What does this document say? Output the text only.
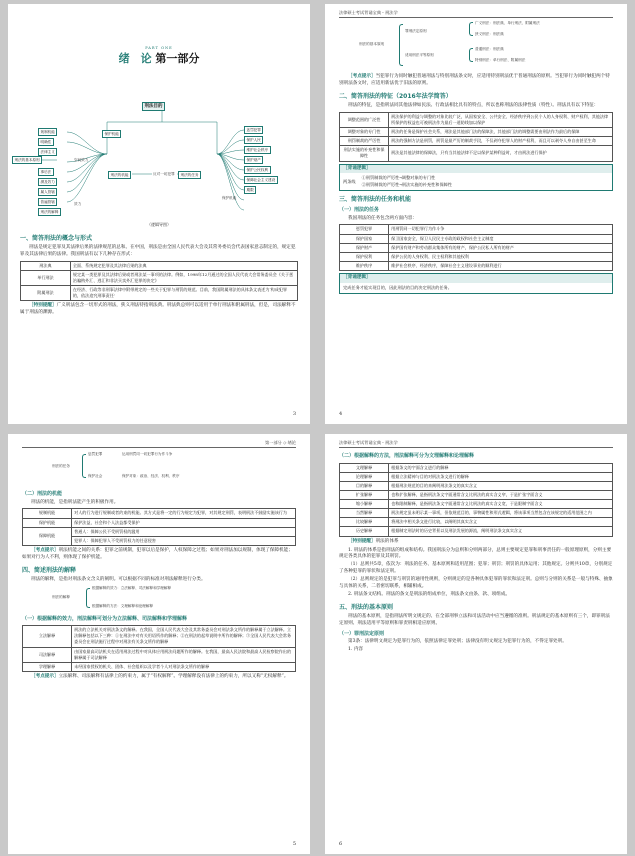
PART ONE
绪　论 第一部分
刑法目的
规制机能
明确性
刑法的基本原则
法律主义
事后法
溯及效力
属人管辖
普遍管辖
保护机能
刑法的机能	反对一切犯罪	刑法的任务
惩罚犯罪
保护人民
维护社会秩序
保护财产
保护公民权利
保障社会主义建设
期限
刑法的解释
空间效力
效力
保护机能
（逻辑导图）
一、简答刑法的概念与形式

刑法是规定犯罪及其法律后果的法律规范的总和。在中国，刑法是由全国人民代表大会及其常务委员会代表国家意志制定的，规定犯罪及其法律后果的法律。我国刑法有以下几种存在形式：

刑法典	全面、系统规定犯罪及其法律后果的法典
单行刑法	规定某一类犯罪及其法律后果或者刑法某一事项的法律。例如，1998年12月通过的全国人民代表大会常务委员会《关于惩治骗购外汇、逃汇和非法买卖外汇犯罪的决定》
附属刑法	在经济、行政等非刑事法律中附带规定的一些关于犯罪与刑罚的规范。目前，我国附属刑法的具体条文表述为‘构成犯罪的，依法追究刑事责任’

［特别提醒］广义刑法包含一切形式的刑法，狭义刑法特指刑法典。刑法典总则可以适用于单行刑法和附属刑法，但是，司法解释不属于刑法的渊源。

3
法律硕士考试背诵宝典・刑法学
刑法的基本原则
罪刑法定原则
适用刑法平等原则
广义刑法：刑法典、单行刑法、附属刑法
狭义刑法：刑法典
普通刑法：刑法典
特别刑法：单行刑法、附属刑法

［考点提示］当犯罪行为同时触犯普通刑法与特别刑法条文时，应适用特别刑法优于普通刑法的原则。当犯罪行为同时触犯两个特别刑法条文时，应适用新法优于旧法的原则。

二、简答刑法的特征（2016年法学简答）

刑法的特征，是指刑法同其他法律如民法、行政法相比具有的特点，所以也称刑法的法律性质（特性）。刑法具有以下特征：

调整范围的广泛性	刑法保护的利益与调整的对象比较广泛，从国家安全、公共安全、经济秩序到公民个人的人身权利、财产权利，其他法律所保护的权益也可被刑法作为最后一道防线加以保护
调整对象的专门性	刑法的任务是保护社会关系，刑法是其他部门法的保障法，其他部门法的调整需要由刑法作为最后的保障
刑罚制裁的严厉性	刑法的强制方法是刑罚，刑罚是最严厉的制裁手段，不仅剥夺犯罪人的财产权利，而且可以剥夺人身自由甚至生命
刑法实施的补充性和保障性	刑法是其他法律的保障法，只有当其他法律不足以保护某种利益时，才由刑法进行保护
［背诵逻辑］
两条线
①刑罚制裁的严厉性→调整对象的专门性
②刑罚制裁的严厉性→刑法实施的补充性和保障性
三、简答刑法的任务和机能
（一）刑法的任务

我国刑法的任务包含两方面内容：

惩罚犯罪	用刑罚同一切犯罪行为作斗争
保护国家	保卫国家安全，保卫人民民主专政的政权和社会主义制度
保护财产	保护国有财产和劳动群众集体所有的财产，保护公民私人所有的财产
保护权利	保护公民的人身权利、民主权利和其他权利
维护秩序	维护社会秩序、经济秩序，保障社会主义建设事业的顺利进行
［背诵逻辑］
完成任务才能实现目的，因此刑法的目的决定刑法的任务。
4
第一部分 ◇ 绪论
刑法的任务
惩罚犯罪	运用刑罚同一切犯罪行为作斗争
保护社会	保护对象：政治、经济、权利、秩序
（二）刑法的机能

刑法的机能，是指刑法能产生的积极作用。

规制机能	对人的行为进行规制或者约束的机能。其方式是将一定的行为规定为犯罪，对其规定刑罚，表明刑法不鼓励实施该行为
保护机能	保护法益，社会和个人法益都受保护
保障机能	普通人：保障公民不受刑罚权的滥用
	犯罪人：保障犯罪人不受刑罚权力的任意侵害

［考点提示］刑法机能之间的关系：犯罪之前规制，犯罪以后是保护，人权保障之过程；如果对刑法加以规制，体现了保障机能；如果对行为人不利，则体现了保护机能。

四、简述刑法的解释

刑法的解释，是指对刑法条文含义的阐明。可以根据不同的标准对刑法解释进行分类。

刑法的解释
根据解释的效力：立法解释、司法解释和学理解释
根据解释的方法：文理解释和论理解释
（一）根据解释的效力，刑法解释可划分为立法解释、司法解释和学理解释
立法解释	刑法的立法机关对刑法条文的解释。在我国，全国人民代表大会及其常务委员会对刑法条文所作的解释属于立法解释。立法解释包括以下三种：①在刑法中对有关用语所作的解释；②在刑法的起草说明中所作的解释；③全国人民代表大会常务委员会在刑法施行过程中对刑法有关条文所作的解释
司法解释	由国家最高司法机关在适用刑法过程中对具体应用刑法问题所作的解释。在我国，最高人民法院和最高人民检察院作出的解释属于司法解释
学理解释	未经国家授权的机关、团体、社会组织以及学者个人对刑法条文所作的解释

［考点提示］立法解释、司法解释有法律上的约束力，属于“有权解释”。学理解释没有法律上的约束力，所以又称“无权解释”。

5
法律硕士考试背诵宝典・刑法学
（二）根据解释的方法，刑法解释可分为文理解释和论理解释
文理解释	根据条文的字面含义进行的解释
论理解释	根据立法精神与目的对刑法条文进行的解释
目的解释	根据刑法规范的目的来阐明刑法条文的真实含义
扩张解释	也称扩张解释，是指刑法条文字面通常含义比刑法的真实含义窄，于是扩张字面含义
缩小解释	也称限制解释，是指刑法条文字面通常含义比刑法的真实含义宽，于是限制字面含义
当然解释	刑法规定虽未明示某一事项，但依规范目的、事物属性和形式逻辑，将该事项当然包含在该规定的适用范围之内
比较解释	将刑法中相关条文进行比较，以阐明其真实含义
历史解释	根据制定刑法时的历史背景以及刑法发展的源流，阐明刑法条文真实含义

［特别提醒］刑法的体系

1. 刑法的体系是指刑法的组成和结构。我国刑法分为总则和分则两部分，总则主要规定犯罪和刑事责任的一般原理原则，分则主要规定各类具体的犯罪及其刑罚。

（1）总则共5章，依次为：刑法的任务、基本原则和适用范围；犯罪；刑罚；刑罚的具体运用；其他规定。分则共10章，分别规定了各种犯罪的罪状和法定刑。

（2）总则规定的是犯罪与刑罚的通用性规则，分则规定的是各种具体犯罪的罪状和法定刑。总则与分则的关系是一般与特殊、抽象与具体的关系，二者密切联系，相辅相成。

2. 刑法条文结构。刑法的条文是刑法的组成单位，刑法条文由条、款、项组成。

五、刑法的基本原则

刑法的基本原则，是指刑法所明文规定的、在全部刑事立法和司法活动中应当遵循的准则。刑法规定的基本原则有三个，即罪刑法定原则、刑法适用平等原则和罪责刑相适应原则。

（一）罪刑法定原则

第3条：法律明文规定为犯罪行为的，依照法律定罪处刑；法律没有明文规定为犯罪行为的，不得定罪处刑。

1. 内容

6
